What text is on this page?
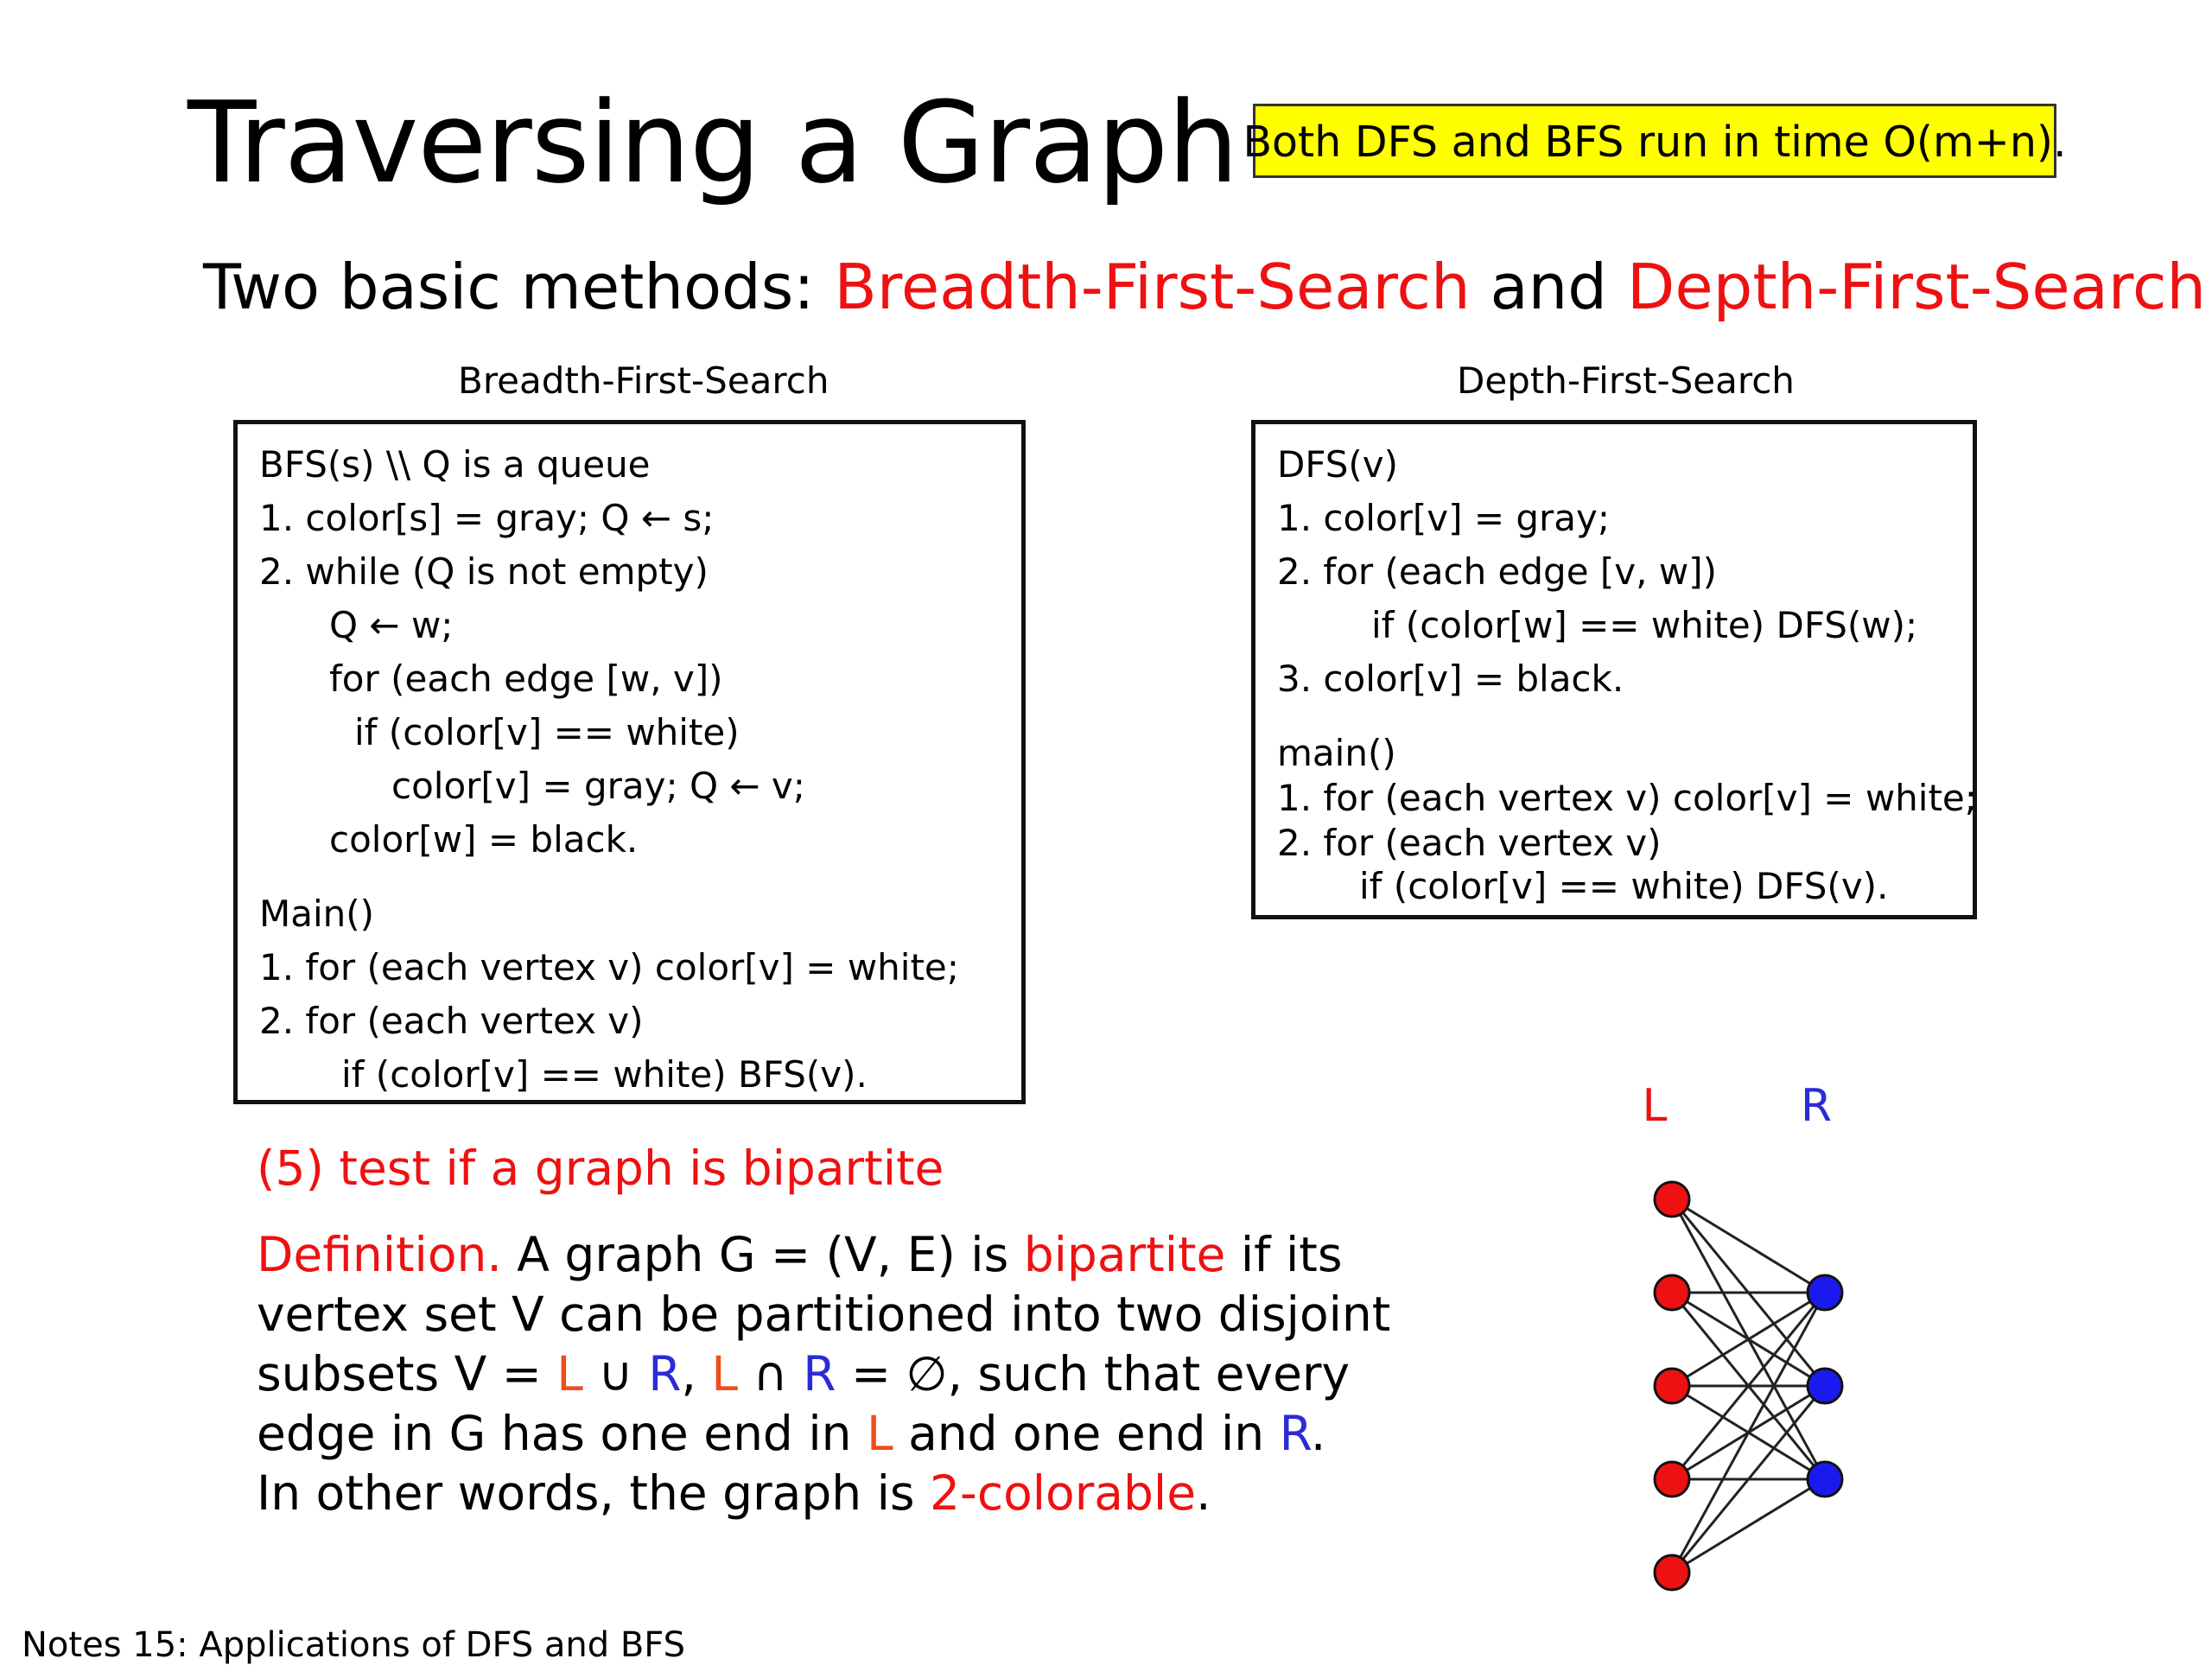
Traversing a Graph Both DFS and BFS run in time O(m+n).
Two basic methods: Breadth-First-Search and Depth-First-Search
Breadth-First-Search	Depth-First-Search
BFS(s) \\ Q is a queue
1. color[s] = gray; Q ← s;
2. while (Q is not empty)
Q ← w;
for (each edge [w, v])
if (color[v] == white)
color[v] = gray; Q ← v;
color[w] = black.
Main()
1. for (each vertex v) color[v] = white;
2. for (each vertex v)
if (color[v] == white) BFS(v).
DFS(v)
1. color[v] = gray;
2. for (each edge [v, w])
if (color[w] == white) DFS(w);
3. color[v] = black.
main()
1. for (each vertex v) color[v] = white;
2. for (each vertex v)
if (color[v] == white) DFS(v).
(5) test if a graph is bipartite
Definition. A graph G = (V, E) is bipartite if its
vertex set V can be partitioned into two disjoint
subsets V = L ∪ R, L ∩ R = ∅, such that every
edge in G has one end in L and one end in R.
In other words, the graph is 2-colorable.
L	R
Notes 15: Applications of DFS and BFS
